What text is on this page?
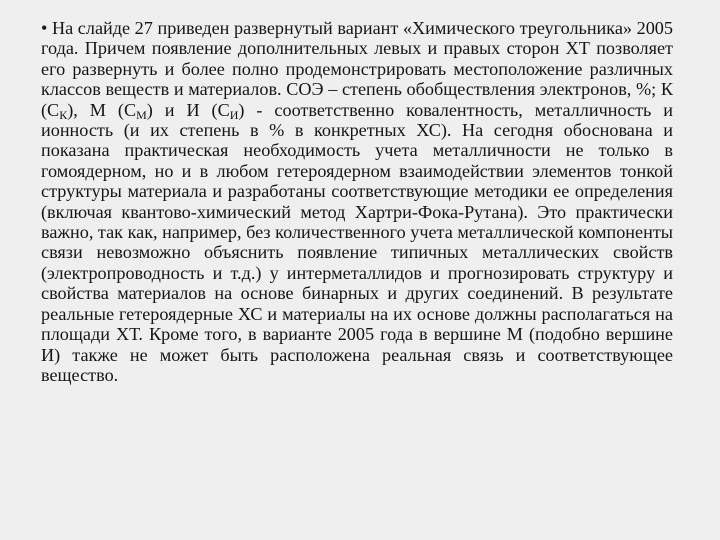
• На слайде 27 приведен развернутый вариант «Химического треугольника» 2005 года. Причем появление дополнительных левых и правых сторон ХТ позволяет его развернуть и более полно продемонстрировать местоположение различных классов веществ и материалов. СОЭ – степень обобществления электронов, %; К $(С_К)$, М $(С_М)$ и И $(С_И)$ - соответственно ковалентность, металличность и ионность (и их степень в % в конкретных ХС). На сегодня обоснована и показана практическая необходимость учета металличности не только в гомоядерном, но и в любом гетероядерном взаимодействии элементов тонкой структуры материала и разработаны соответствующие методики ее определения (включая квантово-химический метод Хартри-Фока-Рутана). Это практически важно, так как, например, без количественного учета металлической компоненты связи невозможно объяснить появление типичных металлических свойств (электропроводность и т.д.) у интерметаллидов и прогнозировать структуру и свойства материалов на основе бинарных и других соединений. В результате реальные гетероядерные ХС и материалы на их основе должны располагаться на площади ХТ. Кроме того, в варианте 2005 года в вершине М (подобно вершине И) также не может быть расположена реальная связь и соответствующее вещество.
